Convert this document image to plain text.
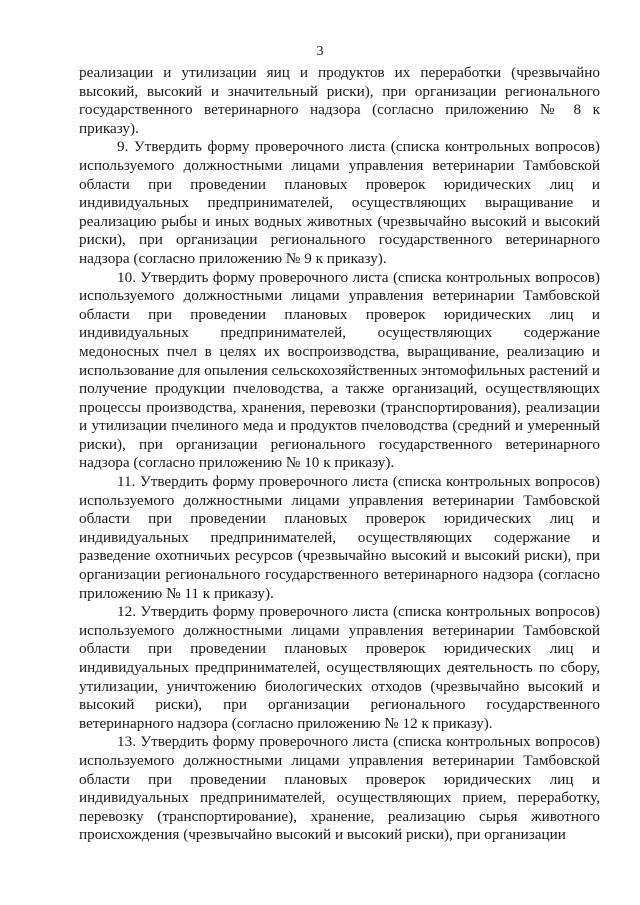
3

реализации и утилизации яиц и продуктов их переработки (чрезвычайно высокий, высокий и значительный риски), при организации регионального государственного ветеринарного надзора (согласно приложению № 8 к приказу).

9. Утвердить форму проверочного листа (списка контрольных вопросов) используемого должностными лицами управления ветеринарии Тамбовской области при проведении плановых проверок юридических лиц и индивидуальных предпринимателей, осуществляющих выращивание и реализацию рыбы и иных водных животных (чрезвычайно высокий и высокий риски), при организации регионального государственного ветеринарного надзора (согласно приложению № 9 к приказу).

10. Утвердить форму проверочного листа (списка контрольных вопросов) используемого должностными лицами управления ветеринарии Тамбовской области при проведении плановых проверок юридических лиц и индивидуальных предпринимателей, осуществляющих содержание медоносных пчел в целях их воспроизводства, выращивание, реализацию и использование для опыления сельскохозяйственных энтомофильных растений и получение продукции пчеловодства, а также организаций, осуществляющих процессы производства, хранения, перевозки (транспортирования), реализации и утилизации пчелиного меда и продуктов пчеловодства (средний и умеренный риски), при организации регионального государственного ветеринарного надзора (согласно приложению № 10 к приказу).

11. Утвердить форму проверочного листа (списка контрольных вопросов) используемого должностными лицами управления ветеринарии Тамбовской области при проведении плановых проверок юридических лиц и индивидуальных предпринимателей, осуществляющих содержание и разведение охотничьих ресурсов (чрезвычайно высокий и высокий риски), при организации регионального государственного ветеринарного надзора (согласно приложению № 11 к приказу).

12. Утвердить форму проверочного листа (списка контрольных вопросов) используемого должностными лицами управления ветеринарии Тамбовской области при проведении плановых проверок юридических лиц и индивидуальных предпринимателей, осуществляющих деятельность по сбору, утилизации, уничтожению биологических отходов (чрезвычайно высокий и высокий риски), при организации регионального государственного ветеринарного надзора (согласно приложению № 12 к приказу).

13. Утвердить форму проверочного листа (списка контрольных вопросов) используемого должностными лицами управления ветеринарии Тамбовской области при проведении плановых проверок юридических лиц и индивидуальных предпринимателей, осуществляющих прием, переработку, перевозку (транспортирование), хранение, реализацию сырья животного происхождения (чрезвычайно высокий и высокий риски), при организации
